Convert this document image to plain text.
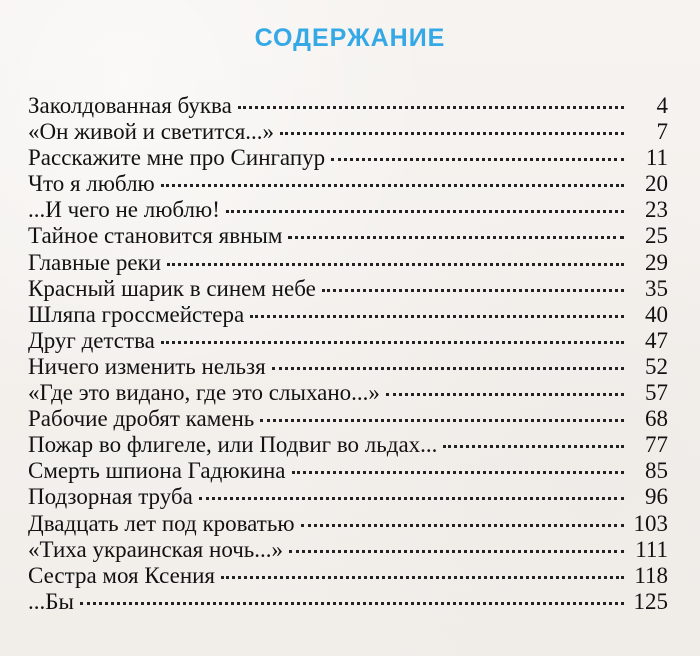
СОДЕРЖАНИЕ
Заколдованная буква	4
«Он живой и светится...»	7
Расскажите мне про Сингапур	11
Что я люблю	20
...И чего не люблю!	23
Тайное становится явным	25
Главные реки	29
Красный шарик в синем небе	35
Шляпа гроссмейстера	40
Друг детства	47
Ничего изменить нельзя	52
«Где это видано, где это слыхано...»	57
Рабочие дробят камень	68
Пожар во флигеле, или Подвиг во льдах...	77
Смерть шпиона Гадюкина	85
Подзорная труба	96
Двадцать лет под кроватью	103
«Тиха украинская ночь...»	111
Сестра моя Ксения	118
...Бы	125
